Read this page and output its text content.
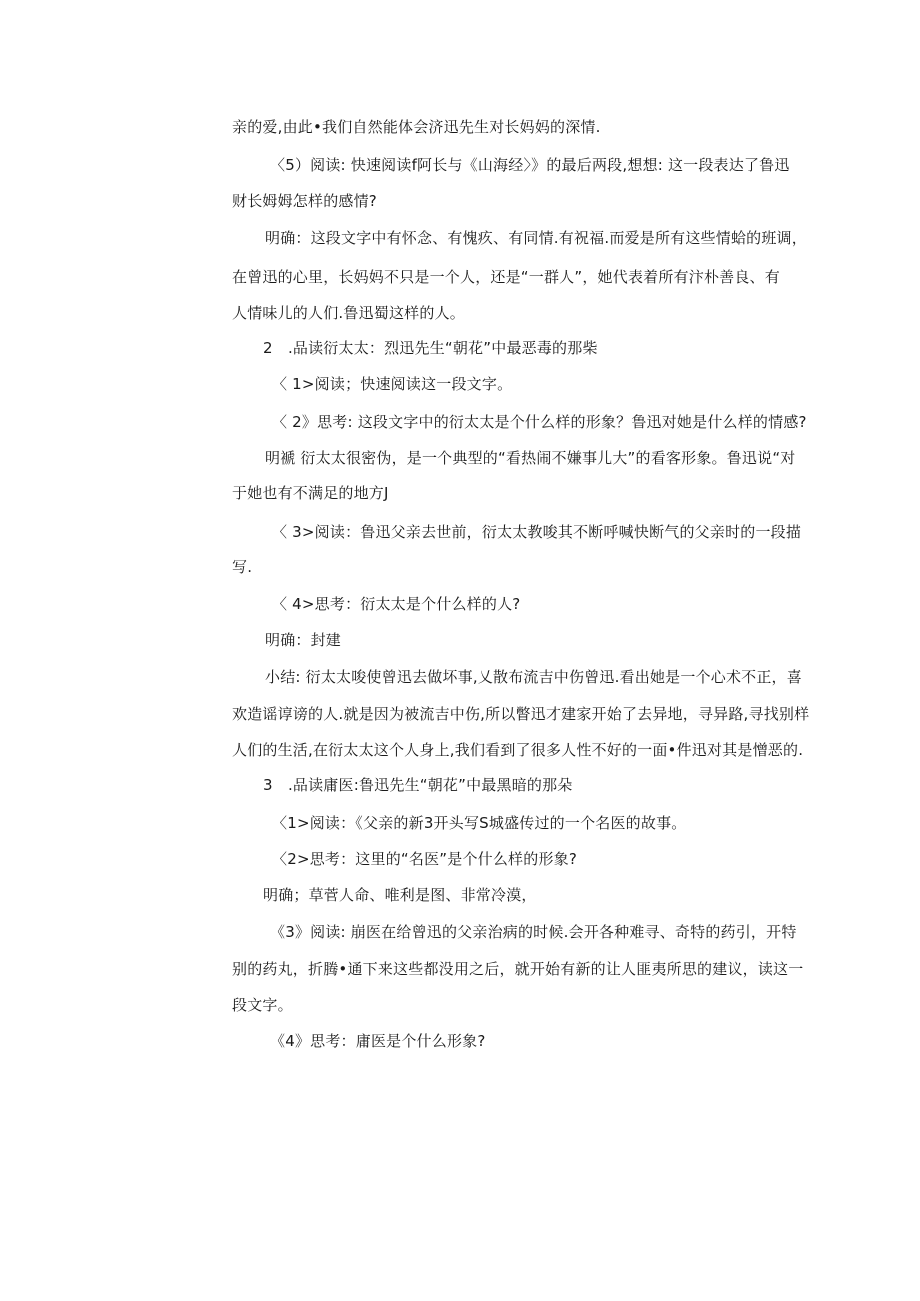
亲的爱,由此•我们自然能体会济迅先生对长妈妈的深情.
〈5）阅读: 快速阅读f阿长与《山海经〉》的最后两段,想想: 这一段表达了鲁迅
财长姆姆怎样的感情?
明确：这段文字中有怀念、有愧疚、有同情.有祝福.而爱是所有这些情蛤的班调，
在曾迅的心里，长妈妈不只是一个人，还是“一群人”，她代表着所有汴朴善良、有
人情味儿的人们.鲁迅蜀这样的人。
2　.品读衍太太：烈迅先生“朝花”中最恶毒的那柴
〈 1>阅读；快速阅读这一段文字。
〈 2》思考: 这段文字中的衍太太是个什么样的形象？鲁迅对她是什么样的情感?
明褫 衍太太很密伪，是一个典型的“看热闹不嫌事儿大”的看客形象。鲁迅说“对
于她也有不满足的地方J
〈 3>阅读：鲁迅父亲去世前，衍太太教唆其不断呼喊快断气的父亲时的一段描
写.
〈 4>思考：衍太太是个什么样的人?
明确：封建
小结: 衍太太唆使曾迅去做坏事,乂散布流吉中伤曾迅.看出她是一个心术不正，喜
欢造谣谆谤的人.就是因为被流吉中伤,所以瞥迅才建家开始了去异地，寻异路,寻找别样
人们的生活,在衍太太这个人身上,我们看到了很多人性不好的一面•件迅对其是憎恶的.
3　.品读庸医:鲁迅先生“朝花”中最黑暗的那朵
〈1>阅读：《父亲的新3开头写S城盛传过的一个名医的故事。
〈2>思考：这里的“名医”是个什么样的形象?
明确；草菅人命、唯利是图、非常冷漠，
《3》阅读: 崩医在给曾迅的父亲治病的时候.会开各种难寻、奇特的药引，开特
别的药丸，折腾•通下来这些都没用之后，就开始有新的让人匪夷所思的建议，读这一
段文字。
《4》思考：庸医是个什么形象?
